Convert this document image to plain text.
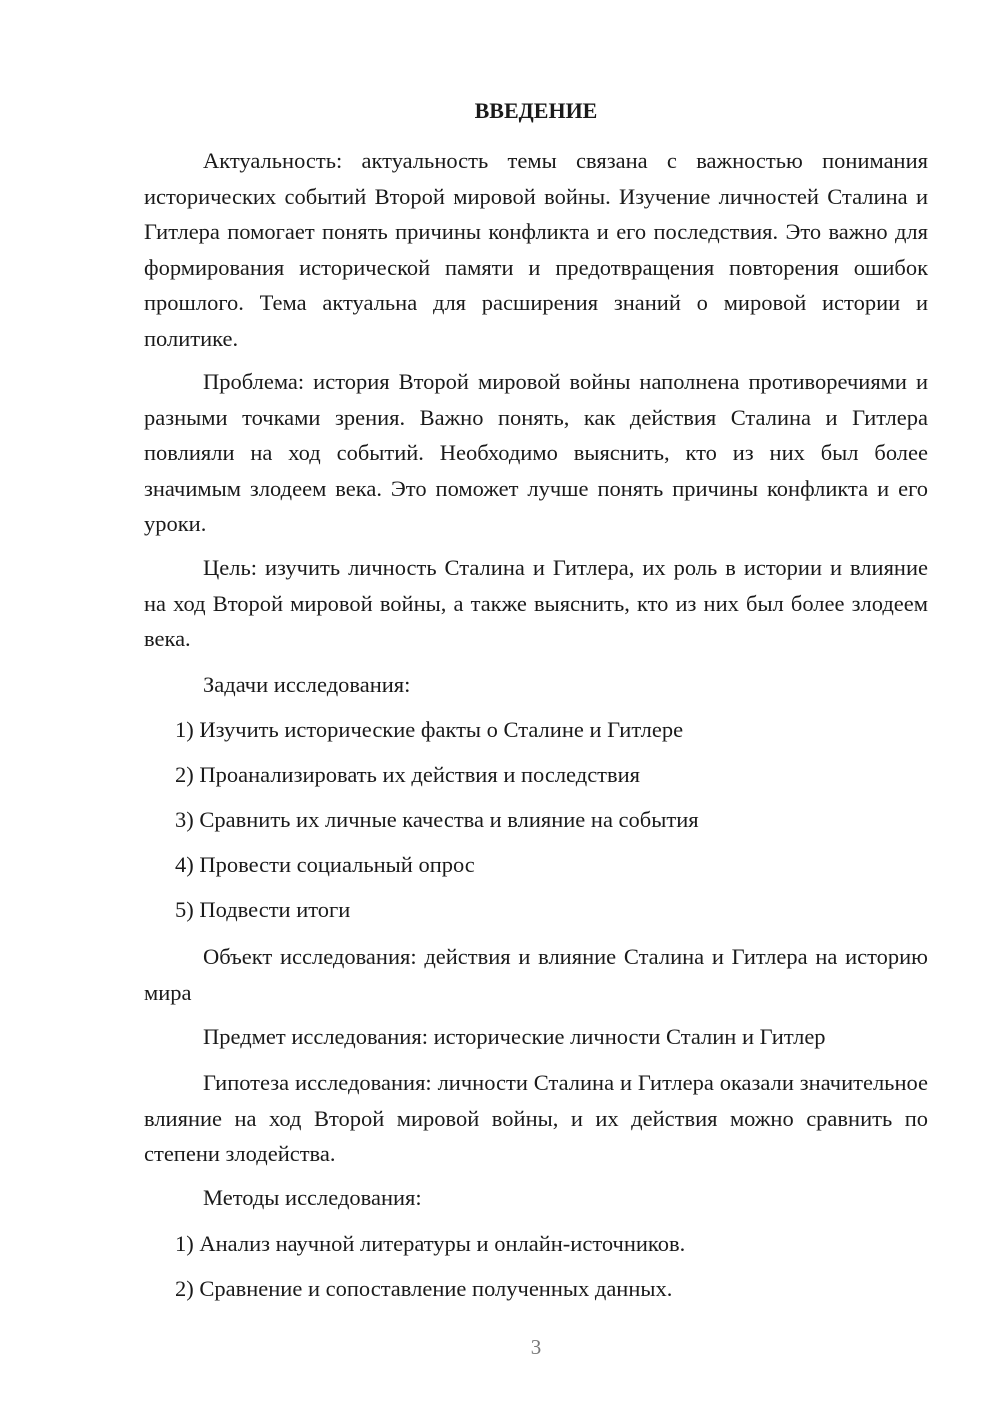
ВВЕДЕНИЕ

Актуальность: актуальность темы связана с важностью понимания исторических событий Второй мировой войны. Изучение личностей Сталина и Гитлера помогает понять причины конфликта и его последствия. Это важно для формирования исторической памяти и предотвращения повторения ошибок прошлого. Тема актуальна для расширения знаний о мировой истории и политике.

Проблема: история Второй мировой войны наполнена противоречиями и разными точками зрения. Важно понять, как действия Сталина и Гитлера повлияли на ход событий. Необходимо выяснить, кто из них был более значимым злодеем века. Это поможет лучше понять причины конфликта и его уроки.

Цель: изучить личность Сталина и Гитлера, их роль в истории и влияние на ход Второй мировой войны, а также выяснить, кто из них был более злодеем века.

Задачи исследования:
1) Изучить исторические факты о Сталине и Гитлере
2) Проанализировать их действия и последствия
3) Сравнить их личные качества и влияние на события
4) Провести социальный опрос
5) Подвести итоги

Объект исследования: действия и влияние Сталина и Гитлера на историю мира

Предмет исследования: исторические личности Сталин и Гитлер

Гипотеза исследования: личности Сталина и Гитлера оказали значительное влияние на ход Второй мировой войны, и их действия можно сравнить по степени злодейства.

Методы исследования:
1) Анализ научной литературы и онлайн-источников.
2) Сравнение и сопоставление полученных данных.
3
